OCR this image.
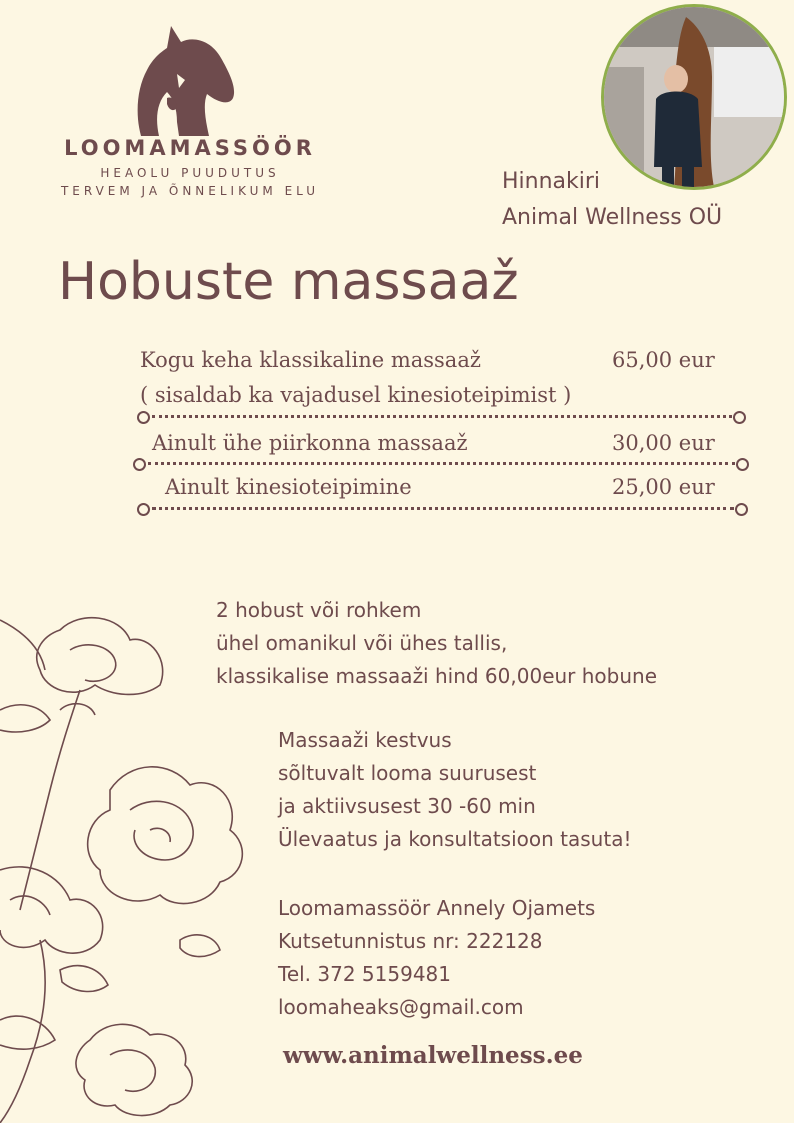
LOOMAMASSÖÖR
HEAOLU PUUDUTUS
TERVEM JA ÕNNELIKUM ELU	Hinnakiri
Animal Wellness OÜ
Hobuste massaaž
Kogu keha klassikaline massaaž	65,00 eur
( sisaldab ka vajadusel kinesioteipimist )
Ainult ühe piirkonna massaaž	30,00 eur
Ainult kinesioteipimine	25,00 eur
2 hobust või rohkem
ühel omanikul või ühes tallis,
klassikalise massaaži hind 60,00eur hobune
Massaaži kestvus
sõltuvalt looma suurusest
ja aktiivsusest 30 -60 min
Ülevaatus ja konsultatsioon tasuta!
Loomamassöör Annely Ojamets
Kutsetunnistus nr: 222128
Tel. 372 5159481
loomaheaks@gmail.com
www.animalwellness.ee
